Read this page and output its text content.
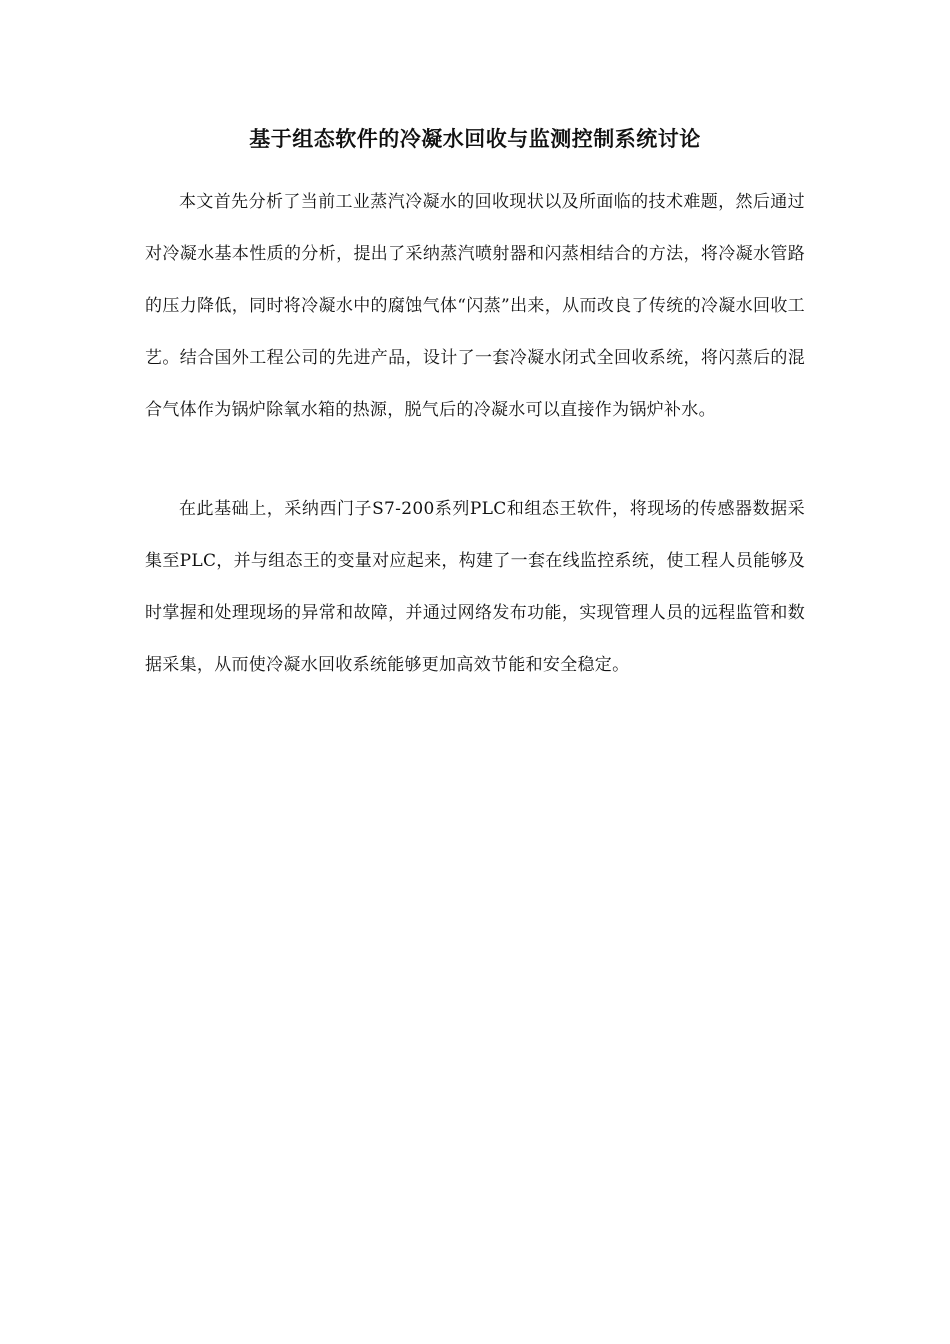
基于组态软件的冷凝水回收与监测控制系统讨论

本文首先分析了当前工业蒸汽冷凝水的回收现状以及所面临的技术难题，然后通过对冷凝水基本性质的分析，提出了采纳蒸汽喷射器和闪蒸相结合的方法，将冷凝水管路的压力降低，同时将冷凝水中的腐蚀气体“闪蒸”出来，从而改良了传统的冷凝水回收工艺。结合国外工程公司的先进产品，设计了一套冷凝水闭式全回收系统，将闪蒸后的混合气体作为锅炉除氧水箱的热源，脱气后的冷凝水可以直接作为锅炉补水。

在此基础上，采纳西门子S7-200系列PLC和组态王软件，将现场的传感器数据采集至PLC，并与组态王的变量对应起来，构建了一套在线监控系统，使工程人员能够及时掌握和处理现场的异常和故障，并通过网络发布功能，实现管理人员的远程监管和数据采集，从而使冷凝水回收系统能够更加高效节能和安全稳定。
